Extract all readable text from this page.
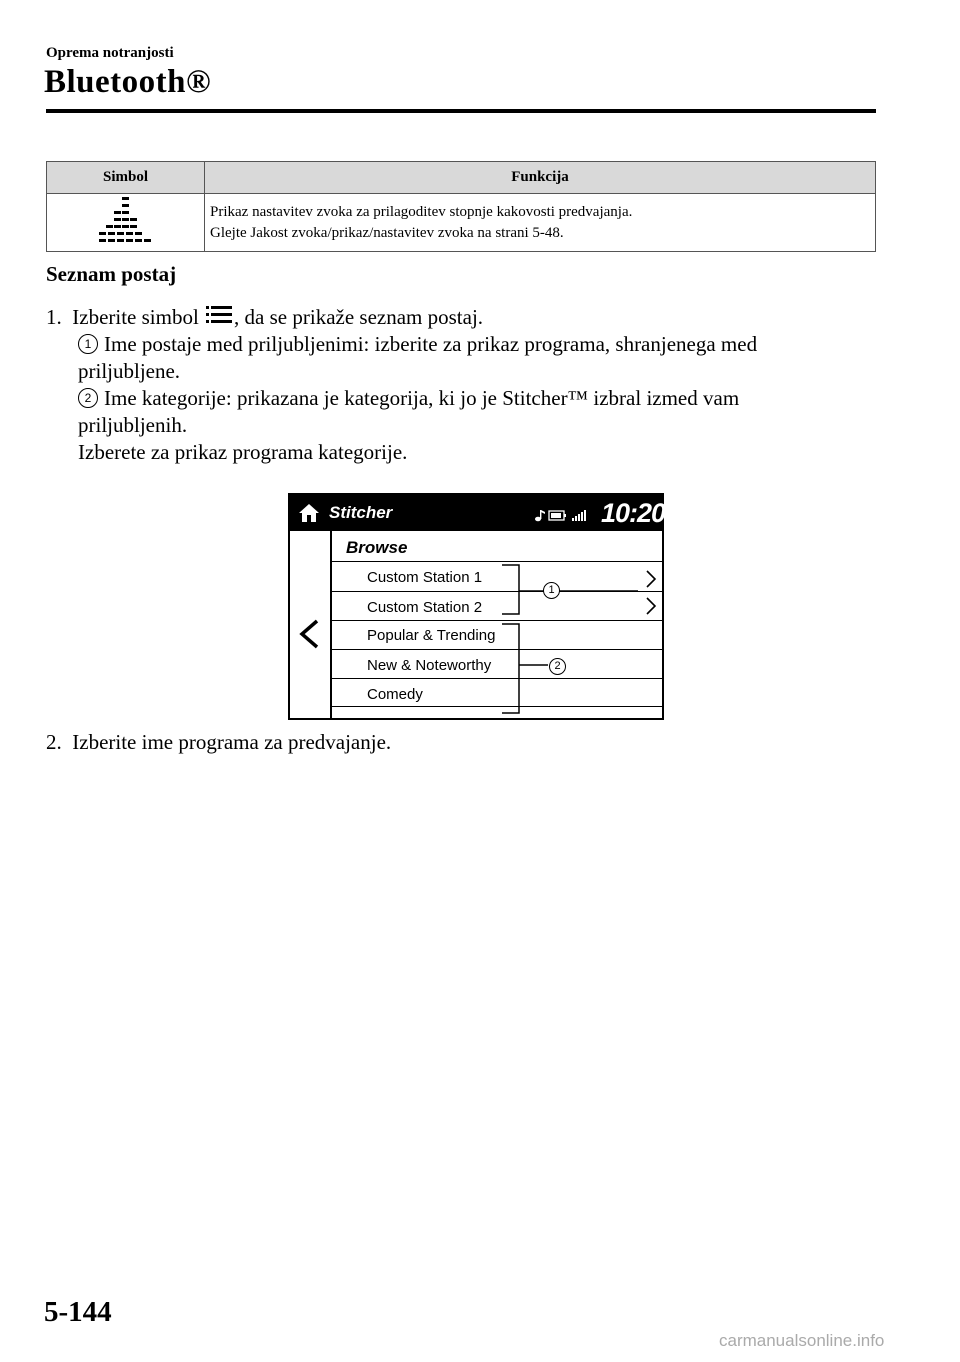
Oprema notranjosti
Bluetooth®
Simbol	Funkcija

Prikaz nastavitev zvoka za prilagoditev stopnje kakovosti predvajanja.
Glejte Jakost zvoka/prikaz/nastavitev zvoka na strani 5-48.
Seznam postaj
1. Izberite simbol , da se prikaže seznam postaj.
1 Ime postaje med priljubljenimi: izberite za prikaz programa, shranjenega med
priljubljene.
2 Ime kategorije: prikazana je kategorija, ki jo je Stitcher™ izbral izmed vam
priljubljenih.
Izberete za prikaz programa kategorije.
Stitcher	10:20
Browse
Custom Station 1
Custom Station 2
Popular & Trending
New & Noteworthy
Comedy
1
2
2. Izberite ime programa za predvajanje.
5-144
carmanualsonline.info
